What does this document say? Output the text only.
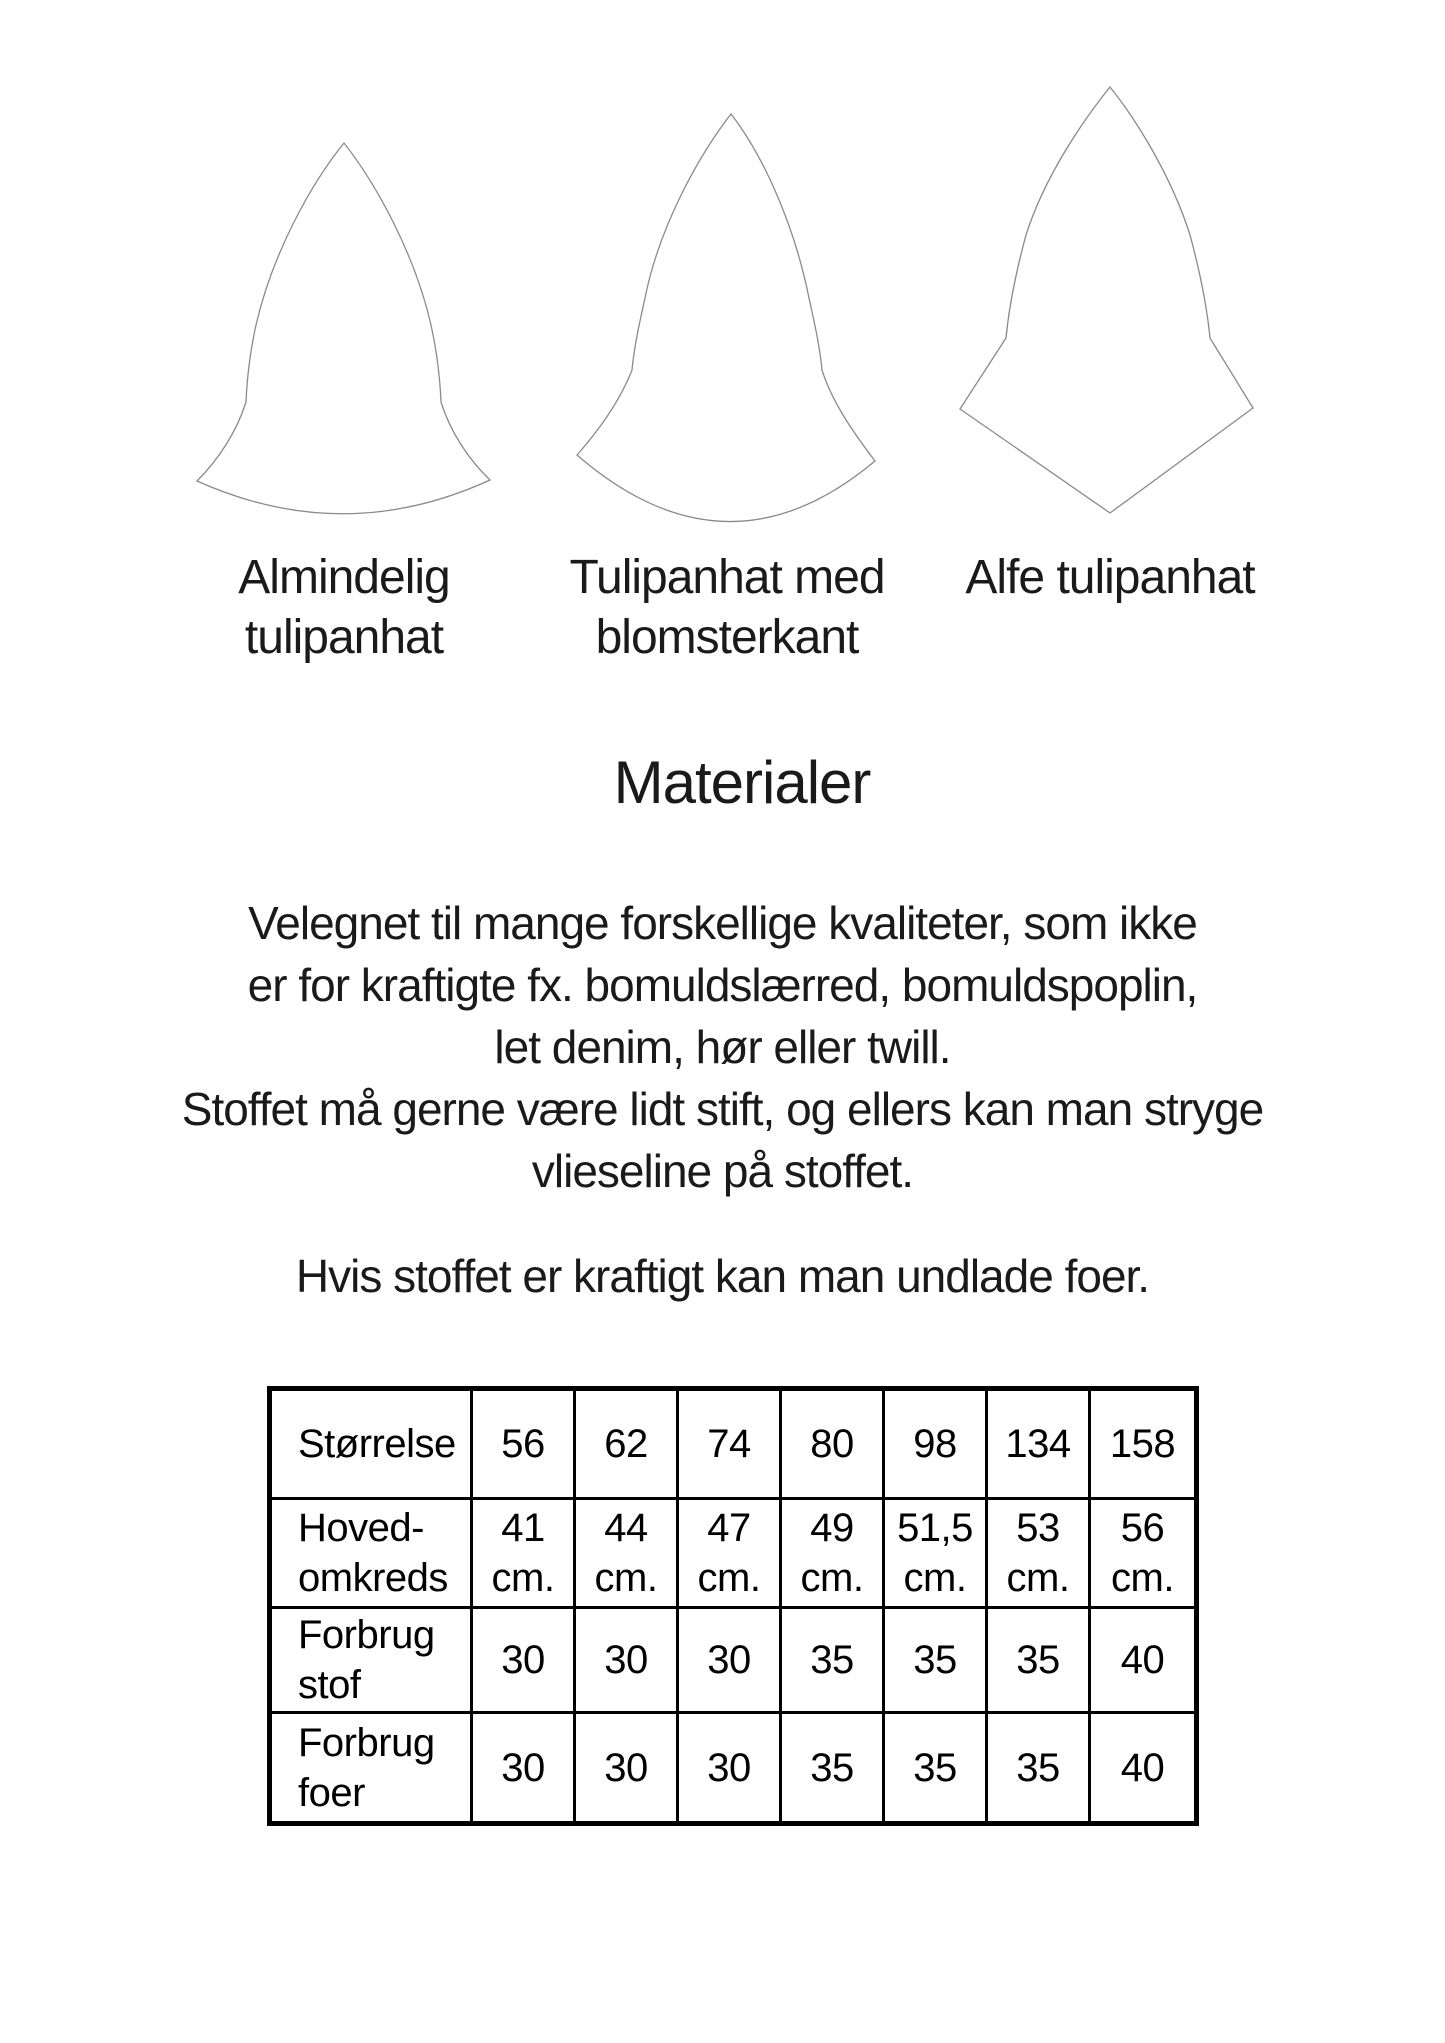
Almindelig
tulipanhat
Tulipanhat med
blomsterkant
Alfe tulipanhat
Materialer
Velegnet til mange forskellige kvaliteter, som ikke
er for kraftigte fx. bomuldslærred, bomuldspoplin,
let denim, hør eller twill.
Stoffet må gerne være lidt stift, og ellers kan man stryge
vlieseline på stoffet.
Hvis stoffet er kraftigt kan man undlade foer.
Størrelse 56 62 74 80 98 134 158
Hoved-
omkreds
41
cm.
44
cm.
47
cm.
49
cm.
51,5
cm.
53
cm.
56
cm.
Forbrug
stof
30 30 30 35 35 35 40
Forbrug
foer
30 30 30 35 35 35 40
